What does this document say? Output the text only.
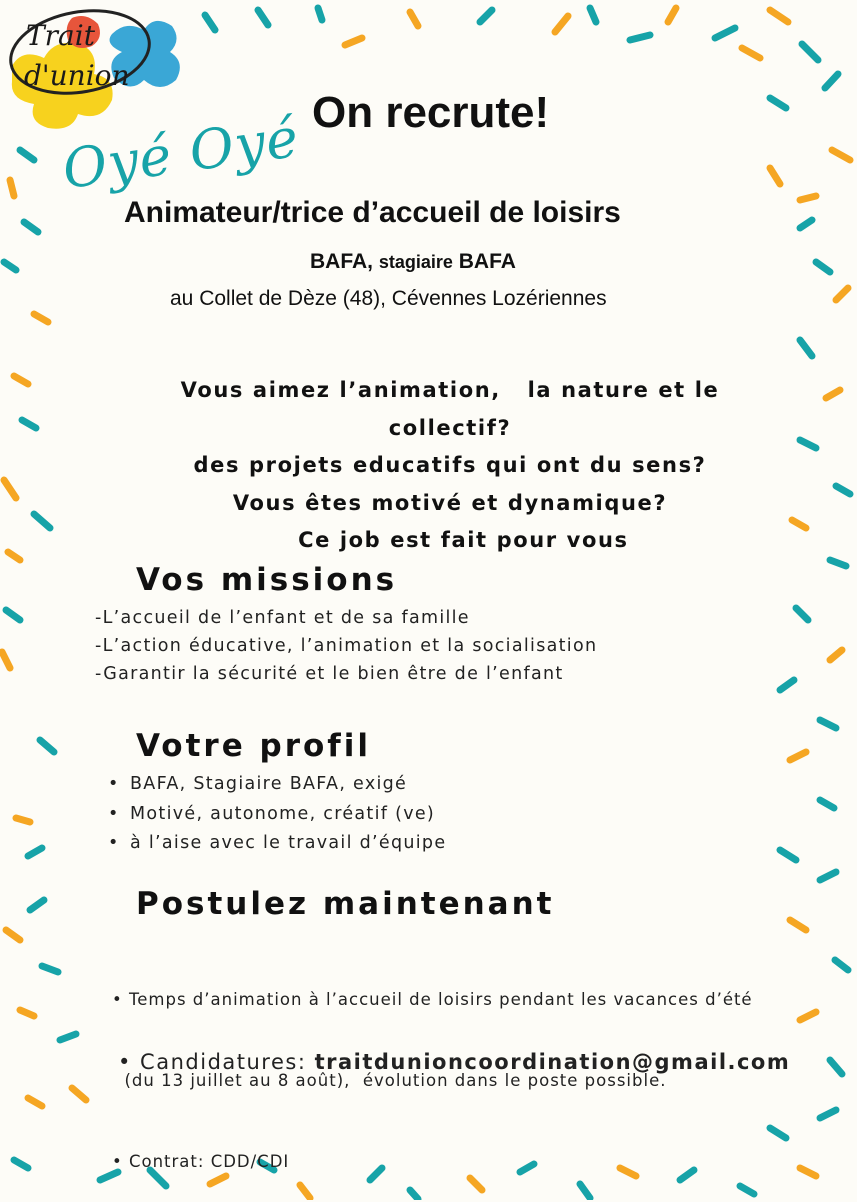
Trait
d'union
Oyé Oyé On recrute!
Animateur/trice d’accueil de loisirs
BAFA, stagiaire BAFA
au Collet de Dèze (48), Cévennes Lozériennes
Vous aimez l’animation,   la nature et le
collectif?
des projets educatifs qui ont du sens?
Vous êtes motivé et dynamique?
Ce job est fait pour vous
Vos missions
-L’accueil de l’enfant et de sa famille
-L’action éducative, l’animation et la socialisation
-Garantir la sécurité et le bien être de l’enfant
Votre profil
• BAFA, Stagiaire BAFA, exigé
• Motivé, autonome, créatif (ve)
• à l’aise avec le travail d’équipe
Postulez maintenant

• Temps d’animation à l’accueil de loisirs pendant les vacances d’été

(du 13 juillet au 8 août),  évolution dans le poste possible.

• Contrat: CDD/CDI

• Candidatures: traitdunioncoordination@gmail.com
